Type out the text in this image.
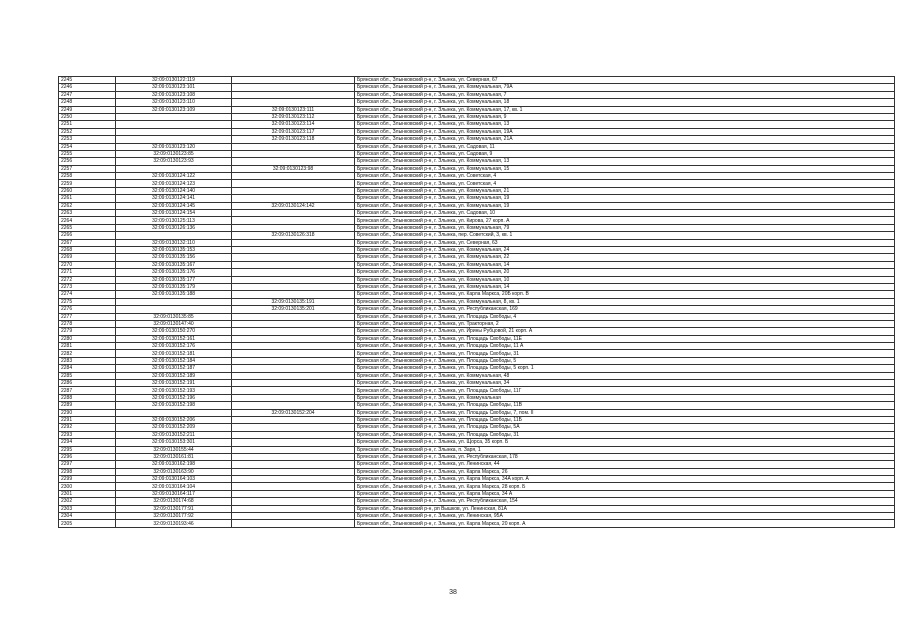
2245	32:09:0130122:119		Брянская обл., Злынковский р-н, г. Злынка, ул. Северная, 67
2246	32:09:0130123:101		Брянская обл., Злынковский р-н, г. Злынка, ул. Коммунальная, 79А
2247	32:09:0130123:108		Брянская обл., Злынковский р-н, г. Злынка, ул. Коммунальная, 7
2248	32:09:0130123:110		Брянская обл., Злынковский р-н, г. Злынка, ул. Коммунальная, 18
2249	32:09:0130123:109	32:09:0130123:111	Брянская обл., Злынковский р-н, г. Злынка, ул. Коммунальная, 17, кв. 1
2250		32:09:0130123:112	Брянская обл., Злынковский р-н, г. Злынка, ул. Коммунальная, 9
2251		32:09:0130123:114	Брянская обл., Злынковский р-н, г. Злынка, ул. Коммунальная, 13
2252		32:09:0130123:117	Брянская обл., Злынковский р-н, г. Злынка, ул. Коммунальная, 19А
2253		32:09:0130123:118	Брянская обл., Злынковский р-н, г. Злынка, ул. Коммунальная, 21А
2254	32:09:0130123:120		Брянская обл., Злынковский р-н, г. Злынка, ул. Садовая, 11
2255	32:09:0130123:85		Брянская обл., Злынковский р-н, г. Злынка, ул. Садовая, 9
2256	32:09:0130123:93		Брянская обл., Злынковский р-н, г. Злынка, ул. Коммунальная, 13
2257		32:09:0130123:98	Брянская обл., Злынковский р-н, г. Злынка, ул. Коммунальная, 15
2258	32:09:0130124:122		Брянская обл., Злынковский р-н, г. Злынка, ул. Советская, 4
2259	32:09:0130124:123		Брянская обл., Злынковский р-н, г. Злынка, ул. Советская, 4
2260	32:09:0130124:140		Брянская обл., Злынковский р-н, г. Злынка, ул. Коммунальная, 21
2261	32:09:0130124:141		Брянская обл., Злынковский р-н, г. Злынка, ул. Коммунальная, 19
2262	32:09:0130124:145	32:09:0130124:142	Брянская обл., Злынковский р-н, г. Злынка, ул. Коммунальная, 19
2263	32:09:0130124:154		Брянская обл., Злынковский р-н, г. Злынка, ул. Садовая, 10
2264	32:09:0130125:113		Брянская обл., Злынковский р-н, г. Злынка, ул. Кирова, 27 корп. А
2265	32:09:0130126:136		Брянская обл., Злынковский р-н, г. Злынка, ул. Коммунальная, 79
2266		32:09:0130126:318	Брянская обл., Злынковский р-н, г. Злынка, пер. Советский, 3, кв. 1
2267	32:09:0130132:110		Брянская обл., Злынковский р-н, г. Злынка, ул. Северная, 63
2268	32:09:0130135:153		Брянская обл., Злынковский р-н, г. Злынка, ул. Коммунальная, 24
2269	32:09:0130135:156		Брянская обл., Злынковский р-н, г. Злынка, ул. Коммунальная, 22
2270	32:09:0130135:167		Брянская обл., Злынковский р-н, г. Злынка, ул. Коммунальная, 14
2271	32:09:0130135:176		Брянская обл., Злынковский р-н, г. Злынка, ул. Коммунальная, 20
2272	32:09:0130135:177		Брянская обл., Злынковский р-н, г. Злынка, ул. Коммунальная, 10
2273	32:09:0130135:179		Брянская обл., Злынковский р-н, г. Злынка, ул. Коммунальная, 14
2274	32:09:0130135:188		Брянская обл., Злынковский р-н, г. Злынка, ул. Карла Маркса, 20Б корп. В
2275		32:09:0130135:191	Брянская обл., Злынковский р-н, г. Злынка, ул. Коммунальная, 8, кв. 1
2276		32:09:0130135:201	Брянская обл., Злынковский р-н, г. Злынка, ул. Республиканская, 169
2277	32:09:0130135:85		Брянская обл., Злынковский р-н, г. Злынка, ул. Площадь Свободы, 4
2278	32:09:0130147:40		Брянская обл., Злынковский р-н, г. Злынка, ул. Тракторная, 2
2279	32:09:0130150:270		Брянская обл., Злынковский р-н, г. Злынка, ул. Ирины Рубцовой, 21 корп. А
2280	32:09:0130152:161		Брянская обл., Злынковский р-н, г. Злынка, ул. Площадь Свободы, 11Е
2281	32:09:0130152:176		Брянская обл., Злынковский р-н, г. Злынка, ул. Площадь Свободы, 11 А
2282	32:09:0130152:181		Брянская обл., Злынковский р-н, г. Злынка, ул. Площадь Свободы, 31
2283	32:09:0130152:184		Брянская обл., Злынковский р-н, г. Злынка, ул. Площадь Свободы, 5
2284	32:09:0130152:187		Брянская обл., Злынковский р-н, г. Злынка, ул. Площадь Свободы, 5 корп. 1
2285	32:09:0130152:189		Брянская обл., Злынковский р-н, г. Злынка, ул. Коммунальная, 48
2286	32:09:0130152:191		Брянская обл., Злынковский р-н, г. Злынка, ул. Коммунальная, 34
2287	32:09:0130152:193		Брянская обл., Злынковский р-н, г. Злынка, ул. Площадь Свободы, 11Г
2288	32:09:0130152:196		Брянская обл., Злынковский р-н, г. Злынка, ул. Коммунальная
2289	32:09:0130152:198		Брянская обл., Злынковский р-н, г. Злынка, ул. Площадь Свободы, 11В
2290		32:09:0130152:204	Брянская обл., Злынковский р-н, г. Злынка, ул. Площадь Свободы, 7, пом. II
2291	32:09:0130152:206		Брянская обл., Злынковский р-н, г. Злынка, ул. Площадь Свободы, 11Б
2292	32:09:0130152:209		Брянская обл., Злынковский р-н, г. Злынка, ул. Площадь Свободы, 5А
2293	32:09:0130152:211		Брянская обл., Злынковский р-н, г. Злынка, ул. Площадь Свободы, 31
2294	32:09:0130153:301		Брянская обл., Злынковский р-н, г. Злынка, ул. Щорса, 35 корп. Б
2295	32:09:0130155:44		Брянская обл., Злынковский р-н, г. Злынка, п. Заря, 1
2296	32:09:0130161:81		Брянская обл., Злынковский р-н, г. Злынка, ул. Республиканская, 178
2297	32:09:0130162:198		Брянская обл., Злынковский р-н, г. Злынка, ул. Ленинская, 44
2298	32:09:0130163:90		Брянская обл., Злынковский р-н, г. Злынка, ул. Карла Маркса, 26
2299	32:09:0130164:103		Брянская обл., Злынковский р-н, г. Злынка, ул. Карла Маркса, 34А корп. А
2300	32:09:0130164:104		Брянская обл., Злынковский р-н, г. Злынка, ул. Карла Маркса, 28 корп. Б
2301	32:09:0130164:117		Брянская обл., Злынковский р-н, г. Злынка, ул. Карла Маркса, 34 А
2302	32:09:0130174:68		Брянская обл., Злынковский р-н, г. Злынка, ул. Республиканская, 154
2303	32:09:0130177:91		Брянская обл., Злынковский р-н, рп Вышков, ул. Ленинская, 81А
2304	32:09:0130177:92		Брянская обл., Злынковский р-н, г. Злынка, ул. Ленинская, 95А
2305	32:09:0130193:46		Брянская обл., Злынковский р-н, г. Злынка, ул. Карла Маркса, 20 корп. А
38
